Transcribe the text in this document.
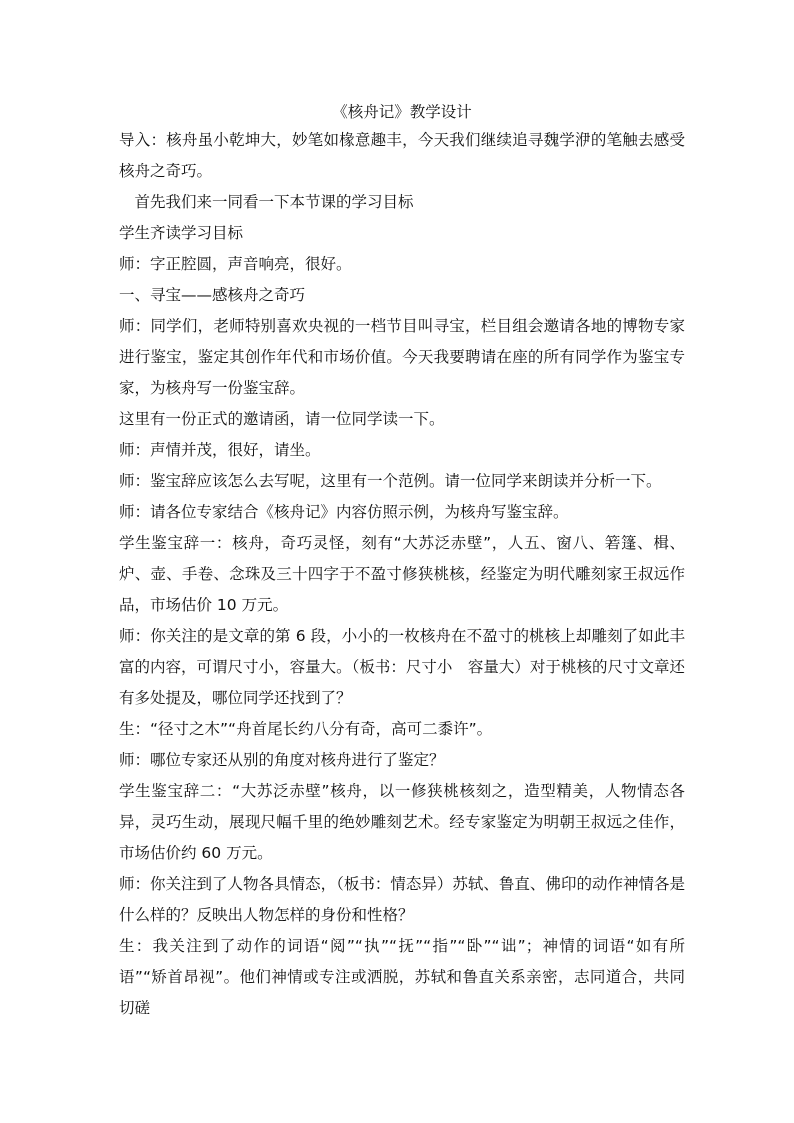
《核舟记》教学设计

导入：核舟虽小乾坤大，妙笔如椽意趣丰，今天我们继续追寻魏学洢的笔触去感受核舟之奇巧。

首先我们来一同看一下本节课的学习目标

学生齐读学习目标

师：字正腔圆，声音响亮，很好。

一、寻宝——感核舟之奇巧

师：同学们，老师特别喜欢央视的一档节目叫寻宝，栏目组会邀请各地的博物专家进行鉴宝，鉴定其创作年代和市场价值。今天我要聘请在座的所有同学作为鉴宝专家，为核舟写一份鉴宝辞。

这里有一份正式的邀请函，请一位同学读一下。

师：声情并茂，很好，请坐。

师：鉴宝辞应该怎么去写呢，这里有一个范例。请一位同学来朗读并分析一下。

师：请各位专家结合《核舟记》内容仿照示例，为核舟写鉴宝辞。

学生鉴宝辞一：核舟，奇巧灵怪，刻有“大苏泛赤壁”，人五、窗八、箬篷、楫、炉、壶、手卷、念珠及三十四字于不盈寸修狭桃核，经鉴定为明代雕刻家王叔远作品，市场估价 10 万元。

师：你关注的是文章的第 6 段，小小的一枚核舟在不盈寸的桃核上却雕刻了如此丰富的内容，可谓尺寸小，容量大。（板书：尺寸小　容量大）对于桃核的尺寸文章还有多处提及，哪位同学还找到了？

生：“径寸之木”“舟首尾长约八分有奇，高可二黍许”。

师：哪位专家还从别的角度对核舟进行了鉴定？

学生鉴宝辞二：“大苏泛赤壁”核舟，以一修狭桃核刻之，造型精美，人物情态各异，灵巧生动，展现尺幅千里的绝妙雕刻艺术。经专家鉴定为明朝王叔远之佳作，市场估价约 60 万元。

师：你关注到了人物各具情态，（板书：情态异）苏轼、鲁直、佛印的动作神情各是什么样的？反映出人物怎样的身份和性格？

生：我关注到了动作的词语“阅”“执”“抚”“指”“卧”“诎”；神情的词语“如有所语”“矫首昂视”。他们神情或专注或洒脱，苏轼和鲁直关系亲密，志同道合，共同切磋
